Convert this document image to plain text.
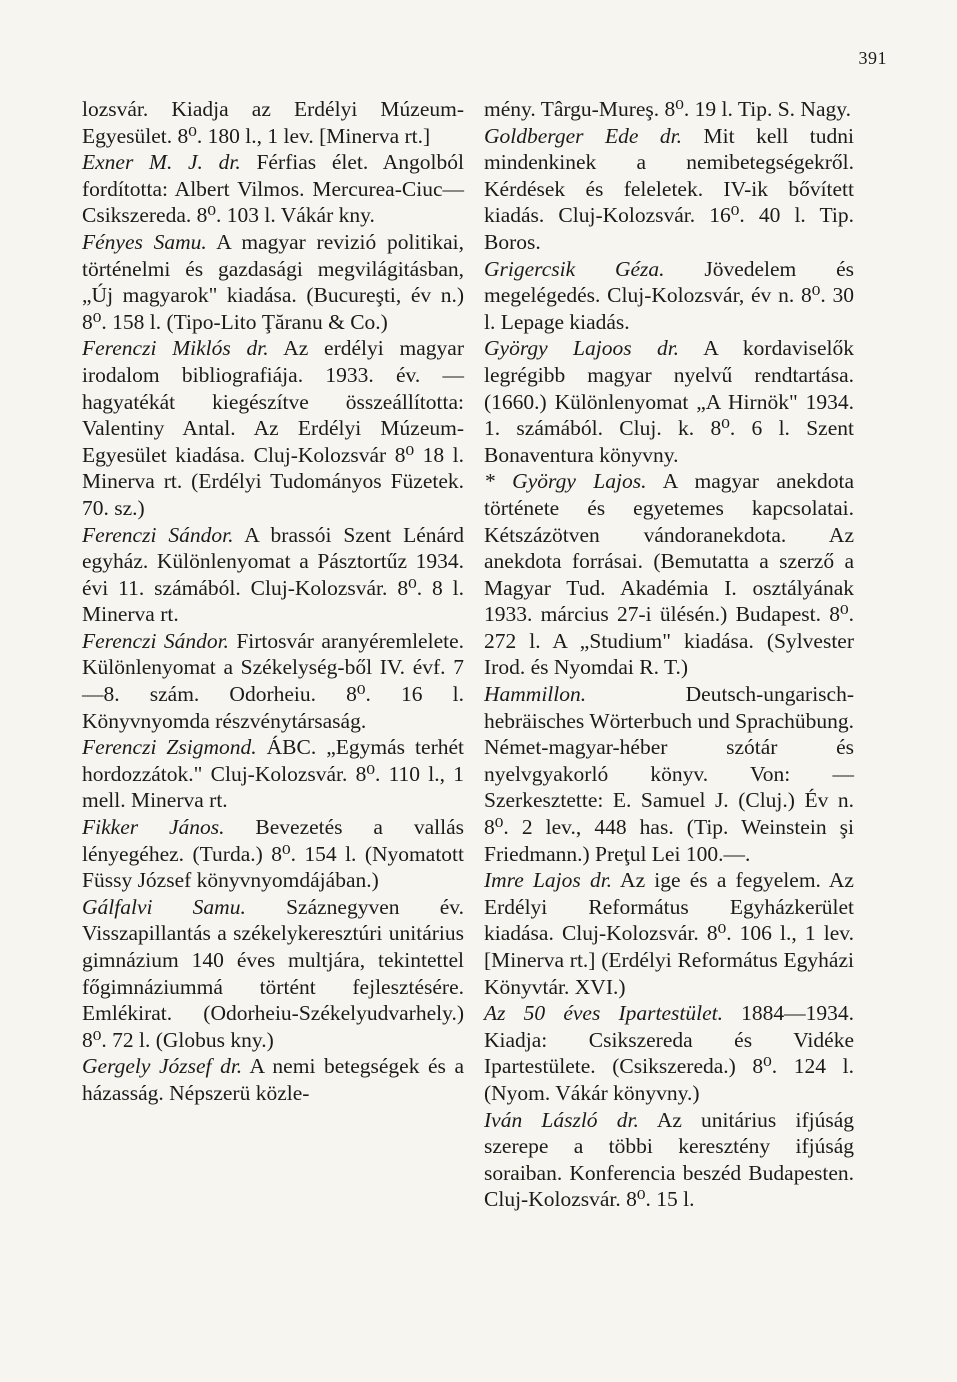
391

lozsvár. Kiadja az Erdélyi Múzeum-Egyesület. 8⁰. 180 l., 1 lev. [Minerva rt.]

Exner M. J. dr. Férfias élet. Angolból fordította: Albert Vilmos. Mercurea-Ciuc—Csikszereda. 8⁰. 103 l. Vákár kny.

Fényes Samu. A magyar revizió politikai, történelmi és gazdasági megvilágitásban, „Új magyarok" kiadása. (Bucureşti, év n.) 8⁰. 158 l. (Tipo-Lito Ţăranu & Co.)

Ferenczi Miklós dr. Az erdélyi magyar irodalom bibliografiája. 1933. év. — hagyatékát kiegészítve összeállította: Valentiny Antal. Az Erdélyi Múzeum-Egyesület kiadása. Cluj-Kolozsvár 8⁰ 18 l. Minerva rt. (Erdélyi Tudományos Füzetek. 70. sz.)

Ferenczi Sándor. A brassói Szent Lénárd egyház. Különlenyomat a Pásztortűz 1934. évi 11. számából. Cluj-Kolozsvár. 8⁰. 8 l. Minerva rt.

Ferenczi Sándor. Firtosvár aranyéremlelete. Különlenyomat a Székelység-ből IV. évf. 7—8. szám. Odorheiu. 8⁰. 16 l. Könyvnyomda részvénytársaság.

Ferenczi Zsigmond. ÁBC. „Egymás terhét hordozzátok." Cluj-Kolozsvár. 8⁰. 110 l., 1 mell. Minerva rt.

Fikker János. Bevezetés a vallás lényegéhez. (Turda.) 8⁰. 154 l. (Nyomatott Füssy József könyvnyomdájában.)

Gálfalvi Samu. Száznegyven év. Visszapillantás a székelykeresztúri unitárius gimnázium 140 éves multjára, tekintettel főgimnáziummá történt fejlesztésére. Emlékirat. (Odorheiu-Székelyudvarhely.) 8⁰. 72 l. (Globus kny.)

Gergely József dr. A nemi betegségek és a házasság. Népszerü közle-

mény. Târgu-Mureş. 8⁰. 19 l. Tip. S. Nagy.

Goldberger Ede dr. Mit kell tudni mindenkinek a nemibetegségekről. Kérdések és feleletek. IV-ik bővített kiadás. Cluj-Kolozsvár. 16⁰. 40 l. Tip. Boros.

Grigercsik Géza. Jövedelem és megelégedés. Cluj-Kolozsvár, év n. 8⁰. 30 l. Lepage kiadás.

György Lajoos dr. A kordaviselők legrégibb magyar nyelvű rendtartása. (1660.) Különlenyomat „A Hirnök" 1934. 1. számából. Cluj. k. 8⁰. 6 l. Szent Bonaventura könyvny.

* György Lajos. A magyar anekdota története és egyetemes kapcsolatai. Kétszázötven vándoranekdota. Az anekdota forrásai. (Bemutatta a szerző a Magyar Tud. Akadémia I. osztályának 1933. március 27-i ülésén.) Budapest. 8⁰. 272 l. A „Studium" kiadása. (Sylvester Irod. és Nyomdai R. T.)

Hammillon. Deutsch-ungarisch-hebräisches Wörterbuch und Sprachübung. Német-magyar-héber szótár és nyelvgyakorló könyv. Von: — Szerkesztette: E. Samuel J. (Cluj.) Év n. 8⁰. 2 lev., 448 has. (Tip. Weinstein şi Friedmann.) Preţul Lei 100.—.

Imre Lajos dr. Az ige és a fegyelem. Az Erdélyi Református Egyházkerület kiadása. Cluj-Kolozsvár. 8⁰. 106 l., 1 lev. [Minerva rt.] (Erdélyi Református Egyházi Könyvtár. XVI.)

Az 50 éves Ipartestület. 1884—1934. Kiadja: Csikszereda és Vidéke Ipartestülete. (Csikszereda.) 8⁰. 124 l. (Nyom. Vákár könyvny.)

Iván László dr. Az unitárius ifjúság szerepe a többi keresztény ifjúság soraiban. Konferencia beszéd Budapesten. Cluj-Kolozsvár. 8⁰. 15 l.
